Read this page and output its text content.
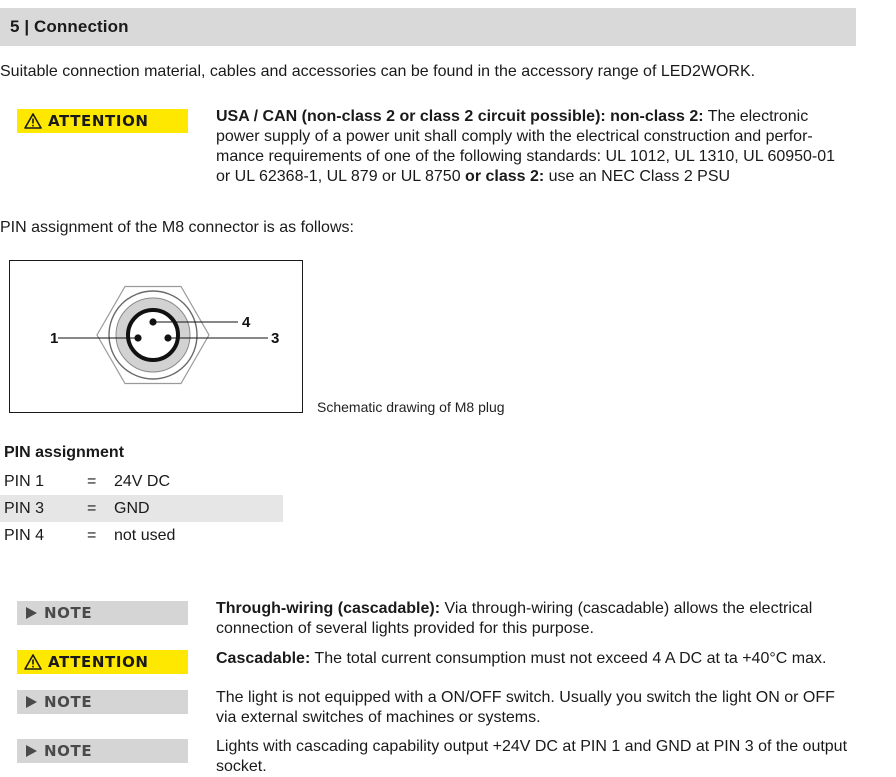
5 | Connection
Suitable connection material, cables and accessories can be found in the accessory range of LED2WORK.
ATTENTION	USA / CAN (non-class 2 or class 2 circuit possible): non-class 2: The electronic power supply of a power unit shall comply with the electrical construction and perfor-mance requirements of one of the following standards: UL 1012, UL 1310, UL 60950-01 or UL 62368-1, UL 879 or UL 8750 or class 2: use an NEC Class 2 PSU
PIN assignment of the M8 connector is as follows:
1	3
4
Schematic drawing of M8 plug
PIN assignment
PIN 1	= 24V DC
PIN 3	= GND
PIN 4	= not used
NOTE	Through-wiring (cascadable): Via through-wiring (cascadable) allows the electrical connection of several lights provided for this purpose.
ATTENTION	Cascadable: The total current consumption must not exceed 4 A DC at ta +40°C max.
NOTE	The light is not equipped with a ON/OFF switch. Usually you switch the light ON or OFF via external switches of machines or systems.
NOTE	Lights with cascading capability output +24V DC at PIN 1 and GND at PIN 3 of the output socket.
